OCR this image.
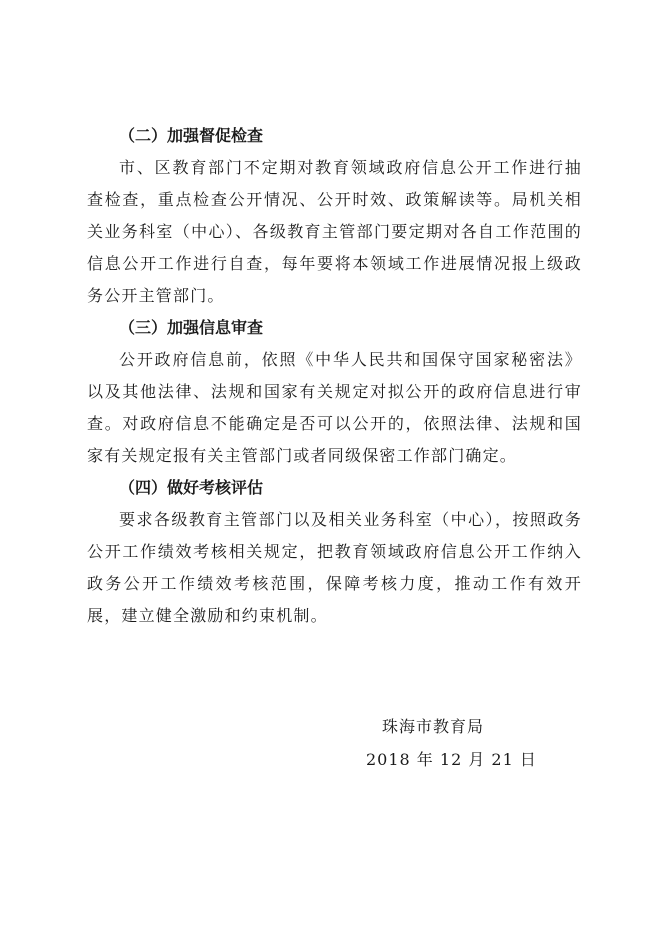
（二）加强督促检查

市、区教育部门不定期对教育领域政府信息公开工作进行抽查检查，重点检查公开情况、公开时效、政策解读等。局机关相关业务科室（中心）、各级教育主管部门要定期对各自工作范围的信息公开工作进行自查，每年要将本领域工作进展情况报上级政务公开主管部门。

（三）加强信息审查

公开政府信息前，依照《中华人民共和国保守国家秘密法》以及其他法律、法规和国家有关规定对拟公开的政府信息进行审查。对政府信息不能确定是否可以公开的，依照法律、法规和国家有关规定报有关主管部门或者同级保密工作部门确定。

（四）做好考核评估

要求各级教育主管部门以及相关业务科室（中心），按照政务公开工作绩效考核相关规定，把教育领域政府信息公开工作纳入政务公开工作绩效考核范围，保障考核力度，推动工作有效开展，建立健全激励和约束机制。

珠海市教育局
2018 年 12 月 21 日
